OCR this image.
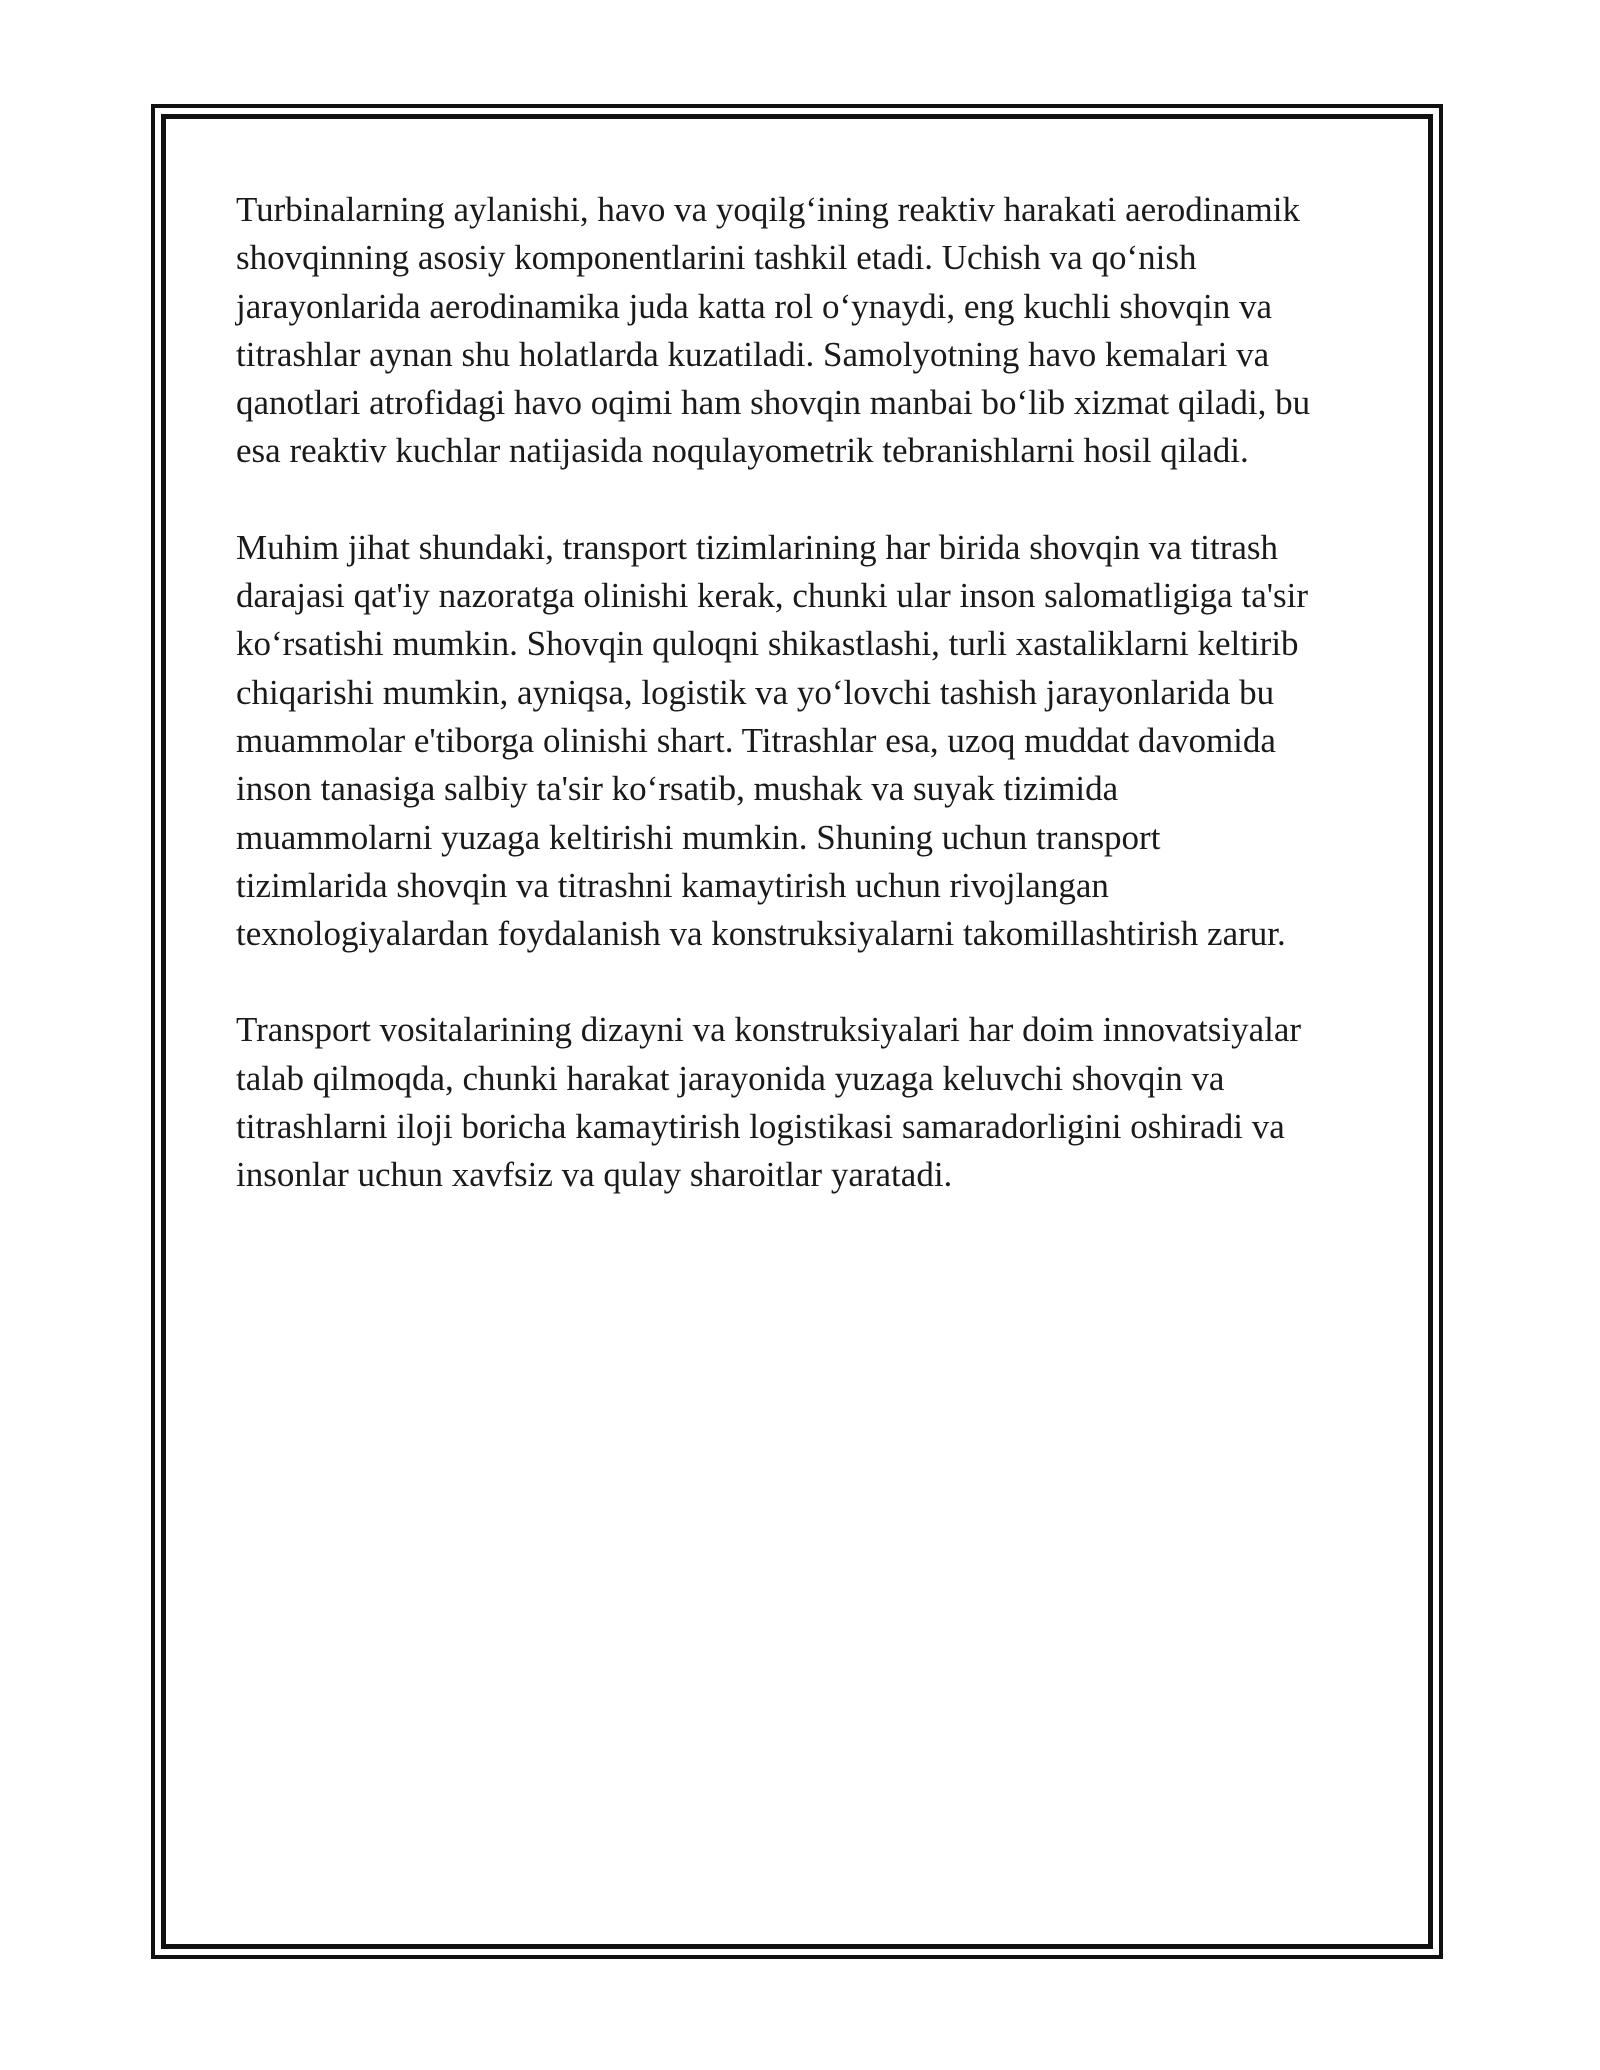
Turbinalarning aylanishi, havo va yoqilg‘ining reaktiv harakati aerodinamik
shovqinning asosiy komponentlarini tashkil etadi. Uchish va qo‘nish
jarayonlarida aerodinamika juda katta rol o‘ynaydi, eng kuchli shovqin va
titrashlar aynan shu holatlarda kuzatiladi. Samolyotning havo kemalari va
qanotlari atrofidagi havo oqimi ham shovqin manbai bo‘lib xizmat qiladi, bu
esa reaktiv kuchlar natijasida noqulayometrik tebranishlarni hosil qiladi.

Muhim jihat shundaki, transport tizimlarining har birida shovqin va titrash
darajasi qat'iy nazoratga olinishi kerak, chunki ular inson salomatligiga ta'sir
ko‘rsatishi mumkin. Shovqin quloqni shikastlashi, turli xastaliklarni keltirib
chiqarishi mumkin, ayniqsa, logistik va yo‘lovchi tashish jarayonlarida bu
muammolar e'tiborga olinishi shart. Titrashlar esa, uzoq muddat davomida
inson tanasiga salbiy ta'sir ko‘rsatib, mushak va suyak tizimida
muammolarni yuzaga keltirishi mumkin. Shuning uchun transport
tizimlarida shovqin va titrashni kamaytirish uchun rivojlangan
texnologiyalardan foydalanish va konstruksiyalarni takomillashtirish zarur.

Transport vositalarining dizayni va konstruksiyalari har doim innovatsiyalar
talab qilmoqda, chunki harakat jarayonida yuzaga keluvchi shovqin va
titrashlarni iloji boricha kamaytirish logistikasi samaradorligini oshiradi va
insonlar uchun xavfsiz va qulay sharoitlar yaratadi.
